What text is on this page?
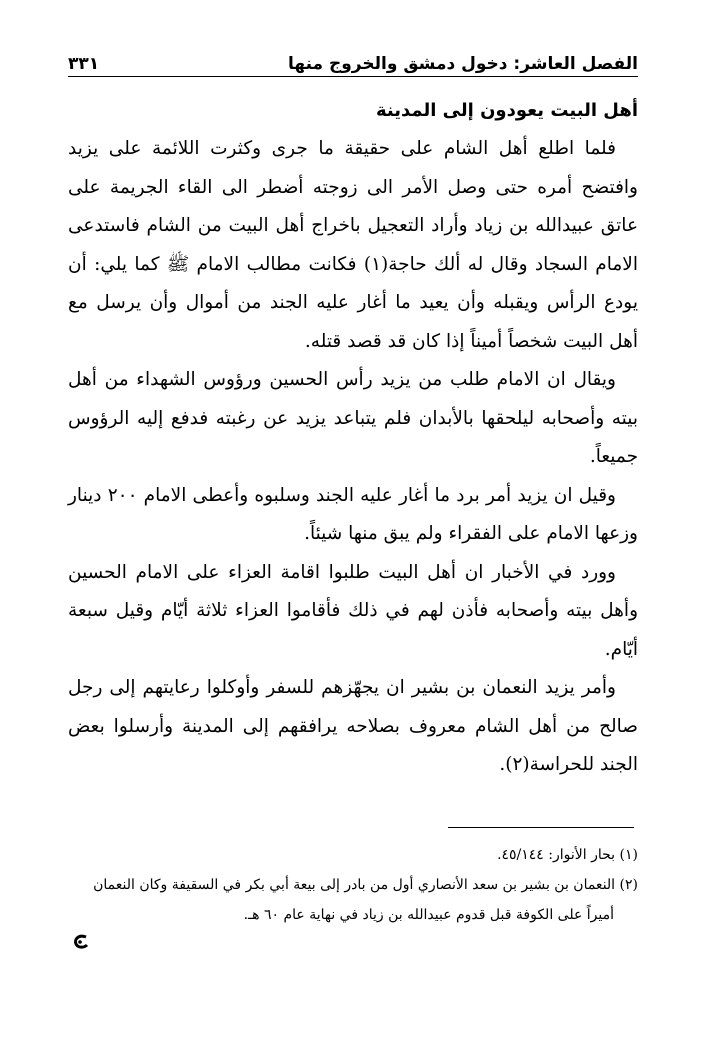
الفصل العاشر: دخول دمشق والخروج منها
٣٣١

أهل البيت يعودون إلى المدينة

فلما اطلع أهل الشام على حقيقة ما جرى وكثرت اللائمة على يزيد وافتضح أمره حتى وصل الأمر الى زوجته أضطر الى القاء الجريمة على عاتق عبيدالله بن زياد وأراد التعجيل باخراج أهل البيت من الشام فاستدعى الامام السجاد وقال له ألك حاجة(١) فكانت مطالب الامام ﷺ كما يلي: أن يودع الرأس ويقبله وأن يعيد ما أغار عليه الجند من أموال وأن يرسل مع أهل البيت شخصاً أميناً إذا كان قد قصد قتله.

ويقال ان الامام طلب من يزيد رأس الحسين ورؤوس الشهداء من أهل بيته وأصحابه ليلحقها بالأبدان فلم يتباعد يزيد عن رغبته فدفع إليه الرؤوس جميعاً.

وقيل ان يزيد أمر برد ما أغار عليه الجند وسلبوه وأعطى الامام ٢٠٠ دينار وزعها الامام على الفقراء ولم يبق منها شيئاً.

وورد في الأخبار ان أهل البيت طلبوا اقامة العزاء على الامام الحسين وأهل بيته وأصحابه فأذن لهم في ذلك فأقاموا العزاء ثلاثة أيّام وقيل سبعة أيّام.

وأمر يزيد النعمان بن بشير ان يجهّزهم للسفر وأوكلوا رعايتهم إلى رجل صالح من أهل الشام معروف بصلاحه يرافقهم إلى المدينة وأرسلوا بعض الجند للحراسة(٢).

(١) بحار الأنوار: ٤٥/١٤٤.

(٢) النعمان بن بشير بن سعد الأنصاري أول من بادر إلى بيعة أبي بكر في السقيفة وكان النعمان
أميراً على الكوفة قبل قدوم عبيدالله بن زياد في نهاية عام ٦٠ هـ.
